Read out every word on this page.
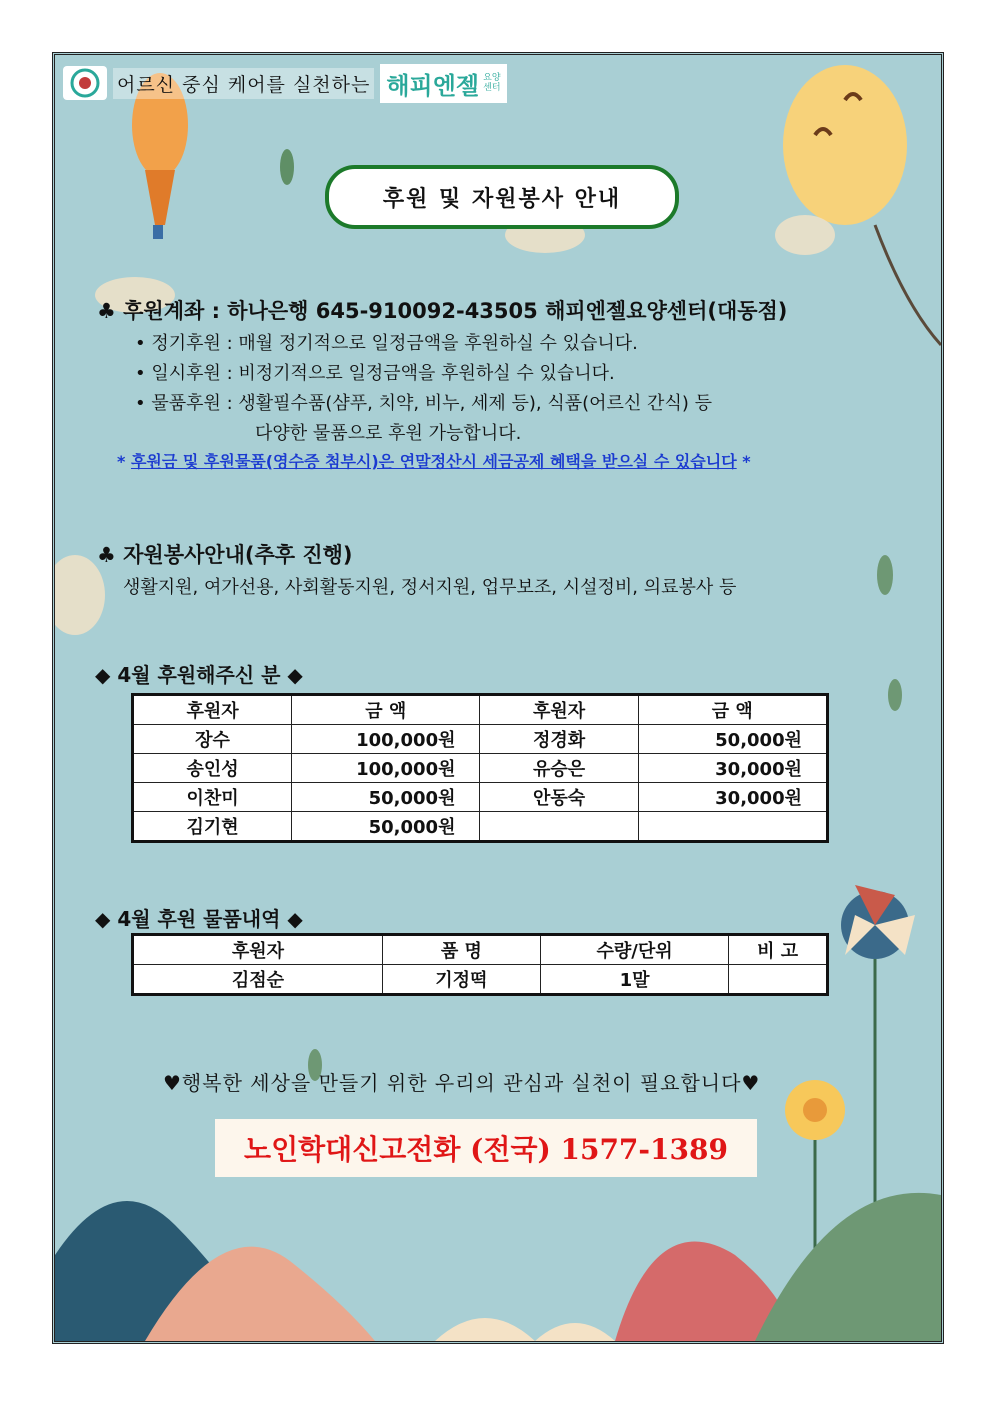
어르신 중심 케어를 실천하는 해피엔젤 요양
센터
후원 및 자원봉사 안내
♣ 후원계좌 : 하나은행 645-910092-43505 해피엔젤요양센터(대동점)
• 정기후원 : 매월 정기적으로 일정금액을 후원하실 수 있습니다.
• 일시후원 : 비정기적으로 일정금액을 후원하실 수 있습니다.
• 물품후원 : 생활필수품(샴푸, 치약, 비누, 세제 등), 식품(어르신 간식) 등
다양한 물품으로 후원 가능합니다.
* 후원금 및 후원물품(영수증 첨부시)은 연말정산시 세금공제 혜택을 받으실 수 있습니다 *
♣ 자원봉사안내(추후 진행)
생활지원, 여가선용, 사회활동지원, 정서지원, 업무보조, 시설정비, 의료봉사 등
◆ 4월 후원해주신 분 ◆
후원자	금 액	후원자	금 액
장수	100,000원	정경화	50,000원
송인성	100,000원	유승은	30,000원
이찬미	50,000원	안동숙	30,000원
김기현	50,000원		
◆ 4월 후원 물품내역 ◆
후원자	품 명	수량/단위	비 고
김점순	기정떡	1말	
♥행복한 세상을 만들기 위한 우리의 관심과 실천이 필요합니다♥
노인학대신고전화 (전국) 1577-1389
